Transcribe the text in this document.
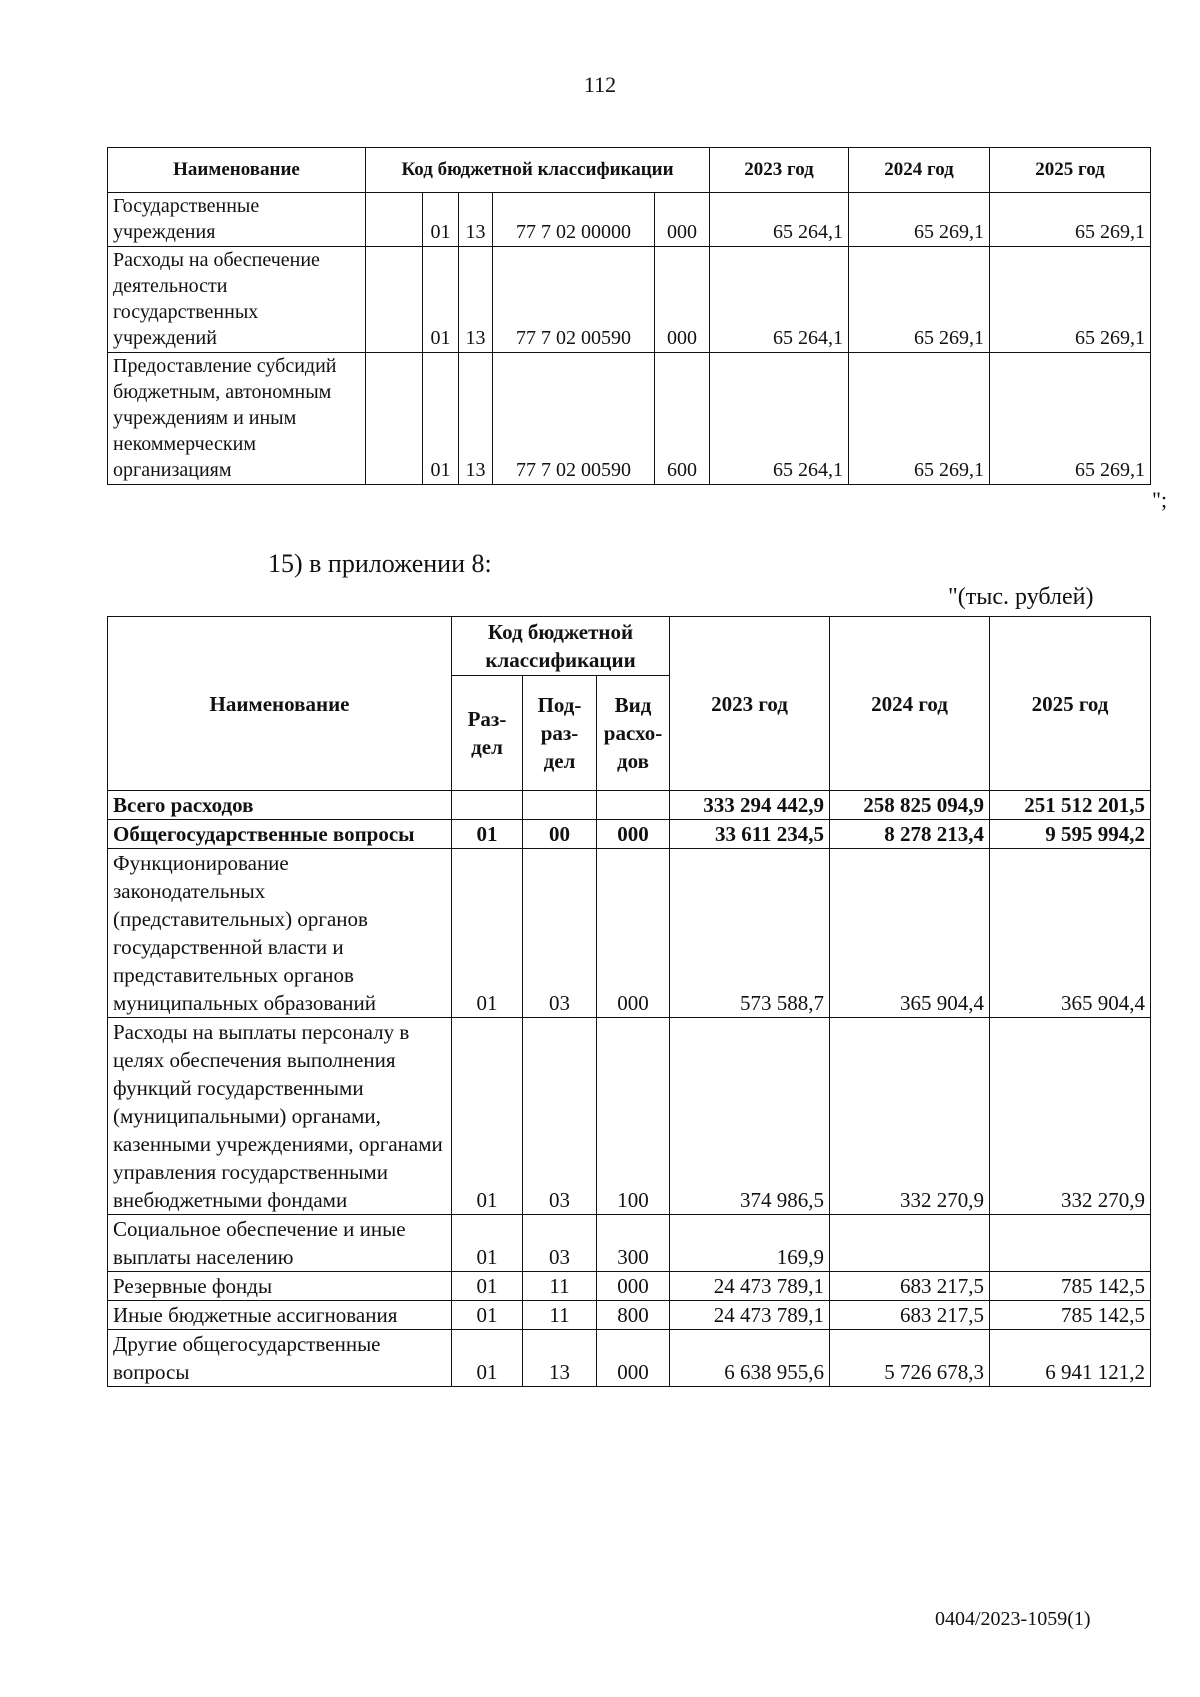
112
Наименование	Код бюджетной классификации					2023 год	2024 год	2025 год
Государственные учреждения		01	13	77 7 02 00000	000	65 264,1	65 269,1	65 269,1
Расходы на обеспечение деятельности государственных учреждений		01	13	77 7 02 00590	000	65 264,1	65 269,1	65 269,1
Предоставление субсидий бюджетным, автономным учреждениям и иным некоммерческим организациям		01	13	77 7 02 00590	600	65 264,1	65 269,1	65 269,1
";
15) в приложении 8:
"(тыс. рублей)
Наименование	Код бюджетной классификации			2023 год	2024 год	2025 год
	Раз- дел	Под- раз- дел	Вид расхо- дов			
Всего расходов				333 294 442,9	258 825 094,9	251 512 201,5
Общегосударственные вопросы	01	00	000	33 611 234,5	8 278 213,4	9 595 994,2
Функционирование законодательных (представительных) органов государственной власти и представительных органов муниципальных образований	01	03	000	573 588,7	365 904,4	365 904,4
Расходы на выплаты персоналу в целях обеспечения выполнения функций государственными (муниципальными) органами, казенными учреждениями, органами управления государственными внебюджетными фондами	01	03	100	374 986,5	332 270,9	332 270,9
Социальное обеспечение и иные выплаты населению	01	03	300	169,9		
Резервные фонды	01	11	000	24 473 789,1	683 217,5	785 142,5
Иные бюджетные ассигнования	01	11	800	24 473 789,1	683 217,5	785 142,5
Другие общегосударственные вопросы	01	13	000	6 638 955,6	5 726 678,3	6 941 121,2
0404/2023-1059(1)
